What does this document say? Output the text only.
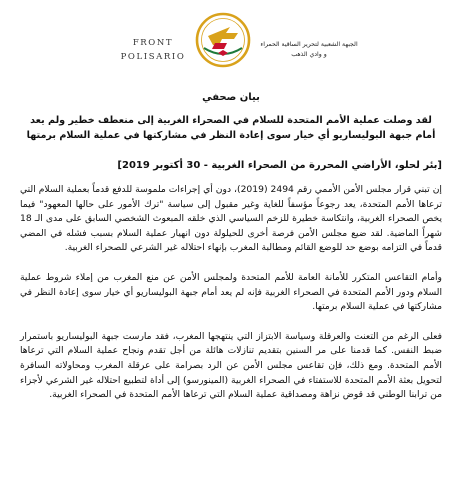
FRONT
POLISARIO
الجبهة الشعبية لتحرير الساقية الحمراء
و وادي الذهب
بيان صحفي
لقد وصلت عملية الأمم المتحدة للسلام في الصحراء الغربية إلى منعطف خطير ولم يعد أمام جبهة البوليساريو أي خيار سوى إعادة النظر في مشاركتها في عملية السلام برمتها
[بئر لحلو، الأراضي المحررة من الصحراء الغربية - 30 أكتوبر 2019]

إن تبني قرار مجلس الأمن الأممي رقم 2494 (2019)، دون أي إجراءات ملموسة للدفع قدماً بعملية السلام التي ترعاها الأمم المتحدة، يعد رجوعاً مؤسفاً للغاية وغير مقبول إلى سياسة "ترك الأمور على حالها المعهود" فيما يخص الصحراء الغربية، وانتكاسة خطيرة للزخم السياسي الذي خلقه المبعوث الشخصي السابق على مدى الـ 18 شهراً الماضية. لقد ضيع مجلس الأمن فرصة أخرى للحيلولة دون انهيار عملية السلام بسبب فشله في المضي قدماً في التزامه بوضع حد للوضع القائم ومطالبة المغرب بإنهاء احتلاله غير الشرعي للصحراء الغربية.

وأمام التقاعس المتكرر للأمانة العامة للأمم المتحدة ولمجلس الأمن عن منع المغرب من إملاء شروط عملية السلام ودور الأمم المتحدة في الصحراء الغربية فإنه لم يعد أمام جبهة البوليساريو أي خيار سوى إعادة النظر في مشاركتها في عملية السلام برمتها.

فعلى الرغم من التعنت والعرقلة وسياسة الابتزاز التي ينتهجها المغرب، فقد مارست جبهة البوليساريو باستمرار ضبط النفس. كما قدمنا على مر السنين بتقديم تنازلات هائلة من أجل تقدم ونجاح عملية السلام التي ترعاها الأمم المتحدة. ومع ذلك، فإن تقاعس مجلس الأمن عن الرد بصرامة على عرقلة المغرب ومحاولاته السافرة لتحويل بعثة الأمم المتحدة للاستفتاء في الصحراء الغربية (المينورسو) إلى أداة لتطبيع احتلاله غير الشرعي لأجزاء من ترابنا الوطني قد قوض نزاهة ومصداقية عملية السلام التي ترعاها الأمم المتحدة في الصحراء الغربية.
